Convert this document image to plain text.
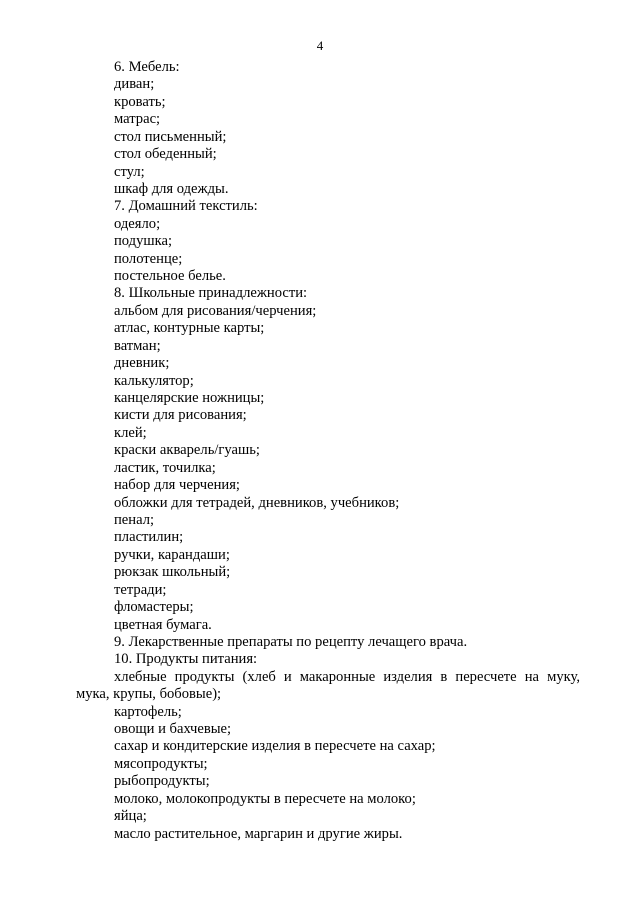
4
6. Мебель:
диван;
кровать;
матрас;
стол письменный;
стол обеденный;
стул;
шкаф для одежды.
7. Домашний текстиль:
одеяло;
подушка;
полотенце;
постельное белье.
8. Школьные принадлежности:
альбом для рисования/черчения;
атлас, контурные карты;
ватман;
дневник;
калькулятор;
канцелярские ножницы;
кисти для рисования;
клей;
краски акварель/гуашь;
ластик, точилка;
набор для черчения;
обложки для тетрадей, дневников, учебников;
пенал;
пластилин;
ручки, карандаши;
рюкзак школьный;
тетради;
фломастеры;
цветная бумага.
9. Лекарственные препараты по рецепту лечащего врача.
10. Продукты питания:
хлебные продукты (хлеб и макаронные изделия в пересчете на муку,
мука, крупы, бобовые);
картофель;
овощи и бахчевые;
сахар и кондитерские изделия в пересчете на сахар;
мясопродукты;
рыбопродукты;
молоко, молокопродукты в пересчете на молоко;
яйца;
масло растительное, маргарин и другие жиры.
